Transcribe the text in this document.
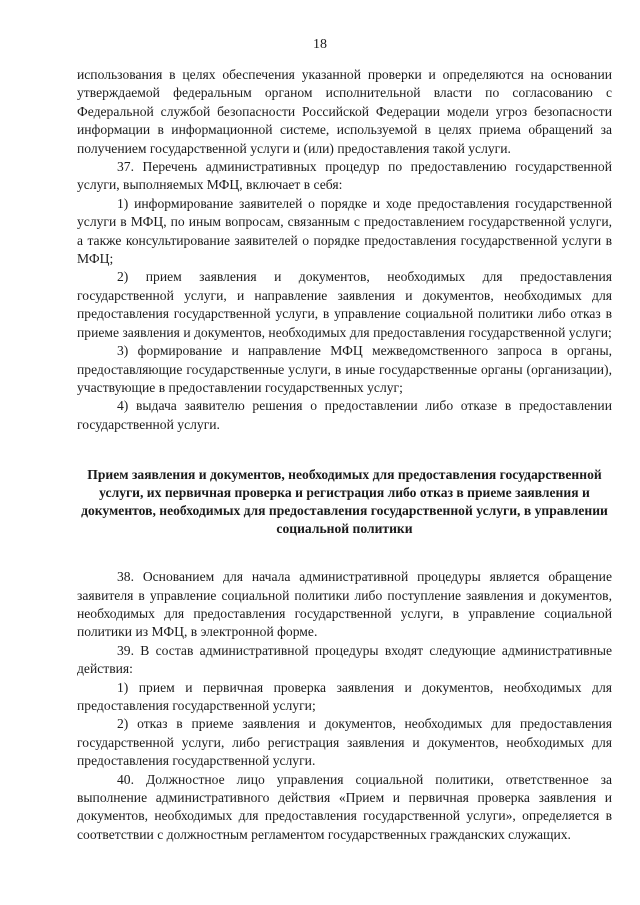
18

использования в целях обеспечения указанной проверки и определяются на основании утверждаемой федеральным органом исполнительной власти по согласованию с Федеральной службой безопасности Российской Федерации модели угроз безопасности информации в информационной системе, используемой в целях приема обращений за получением государственной услуги и (или) предоставления такой услуги.

37. Перечень административных процедур по предоставлению государственной услуги, выполняемых МФЦ, включает в себя:

1) информирование заявителей о порядке и ходе предоставления государственной услуги в МФЦ, по иным вопросам, связанным с предоставлением государственной услуги, а также консультирование заявителей о порядке предоставления государственной услуги в МФЦ;

2) прием заявления и документов, необходимых для предоставления государственной услуги, и направление заявления и документов, необходимых для предоставления государственной услуги, в управление социальной политики либо отказ в приеме заявления и документов, необходимых для предоставления государственной услуги;

3) формирование и направление МФЦ межведомственного запроса в органы, предоставляющие государственные услуги, в иные государственные органы (организации), участвующие в предоставлении государственных услуг;

4) выдача заявителю решения о предоставлении либо отказе в предоставлении государственной услуги.

Прием заявления и документов, необходимых для предоставления государственной услуги, их первичная проверка и регистрация либо отказ в приеме заявления и документов, необходимых для предоставления государственной услуги, в управлении социальной политики

38. Основанием для начала административной процедуры является обращение заявителя в управление социальной политики либо поступление заявления и документов, необходимых для предоставления государственной услуги, в управление социальной политики из МФЦ, в электронной форме.

39. В состав административной процедуры входят следующие административные действия:

1) прием и первичная проверка заявления и документов, необходимых для предоставления государственной услуги;

2) отказ в приеме заявления и документов, необходимых для предоставления государственной услуги, либо регистрация заявления и документов, необходимых для предоставления государственной услуги.

40. Должностное лицо управления социальной политики, ответственное за выполнение административного действия «Прием и первичная проверка заявления и документов, необходимых для предоставления государственной услуги», определяется в соответствии с должностным регламентом государственных гражданских служащих.
